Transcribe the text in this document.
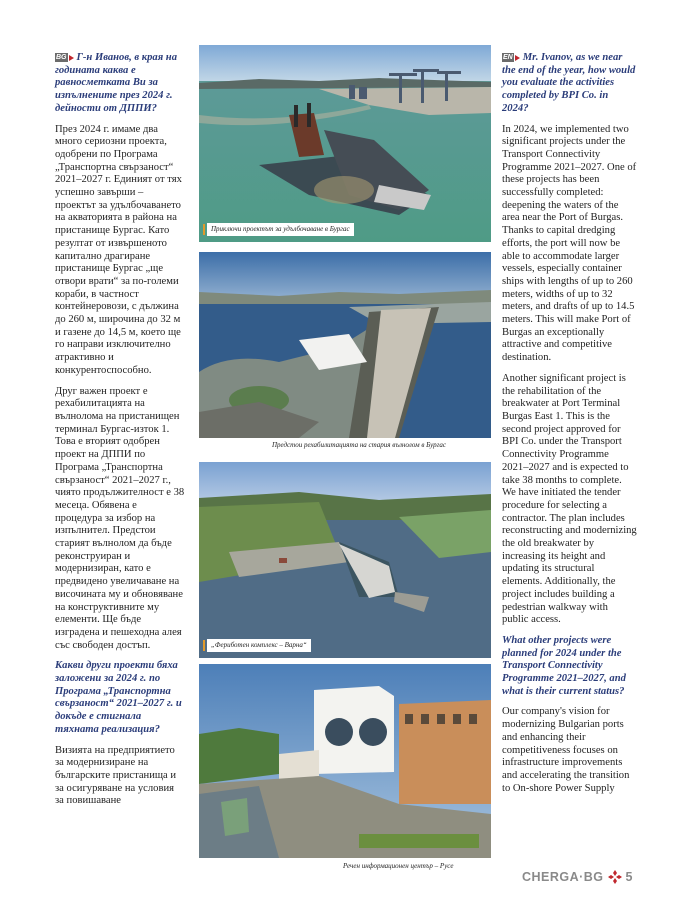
BG Г-н Иванов, в края на годината каква е равносметката Ви за изпълнените през 2024 г. дейности от ДППИ?
През 2024 г. имаме два много сериозни проекта, одобрени по Програма „Транспортна свързаност“ 2021–2027 г. Единият от тях успешно завърши – проектът за удълбочаването на акваторията в района на пристанище Бургас. Като резултат от извършеното капитално драгиране пристанище Бургас „ще отвори врати“ за по-големи кораби, в частност контейнеровози, с дължина до 260 м, широчина до 32 м и газене до 14,5 м, което ще го направи изключително атрактивно и конкурентоспособно.
Друг важен проект е рехабилитацията на вълнолома на пристанищен терминал Бургас-изток 1. Това е вторият одобрен проект на ДППИ по Програма „Транспортна свързаност“ 2021–2027 г., чиято продължителност е 38 месеца. Обявена е процедура за избор на изпълнител. Предстои старият вълнолом да бъде реконструиран и модернизиран, като е предвидено увеличаване на височината му и обновяване на конструктивните му елементи. Ще бъде изградена и пешеходна алея със свободен достъп.
Какви други проекти бяха заложени за 2024 г. по Програма „Транспортна свързаност“ 2021–2027 г. и докъде е стигнала тяхната реализация?
Визията на предприятието за модернизиране на българските пристанища и за осигуряване на условия за повишаване
EN Mr. Ivanov, as we near the end of the year, how would you evaluate the activities completed by BPI Co. in 2024?
In 2024, we implemented two significant projects under the Transport Connectivity Programme 2021–2027. One of these projects has been successfully completed: deepening the waters of the area near the Port of Burgas. Thanks to capital dredging efforts, the port will now be able to accommodate larger vessels, especially container ships with lengths of up to 260 meters, widths of up to 32 meters, and drafts of up to 14.5 meters. This will make Port of Burgas an exceptionally attractive and competitive destination.
Another significant project is the rehabilitation of the breakwater at Port Terminal Burgas East 1. This is the second project approved for BPI Co. under the Transport Connectivity Programme 2021–2027 and is expected to take 38 months to complete. We have initiated the tender procedure for selecting a contractor. The plan includes reconstructing and modernizing the old breakwater by increasing its height and updating its structural elements. Additionally, the project includes building a pedestrian walkway with public access.
What other projects were planned for 2024 under the Transport Connectivity Programme 2021–2027, and what is their current status?
Our company's vision for modernizing Bulgarian ports and enhancing their competitiveness focuses on infrastructure improvements and accelerating the transition to On-shore Power Supply
Приключи проектът за удълбочаване в Бургас
Предстои рехабилитацията на стария вълнолом в Бургас
„Фериботен комплекс – Варна“
Речен информационен център – Русе
CHERGA·BG 5
